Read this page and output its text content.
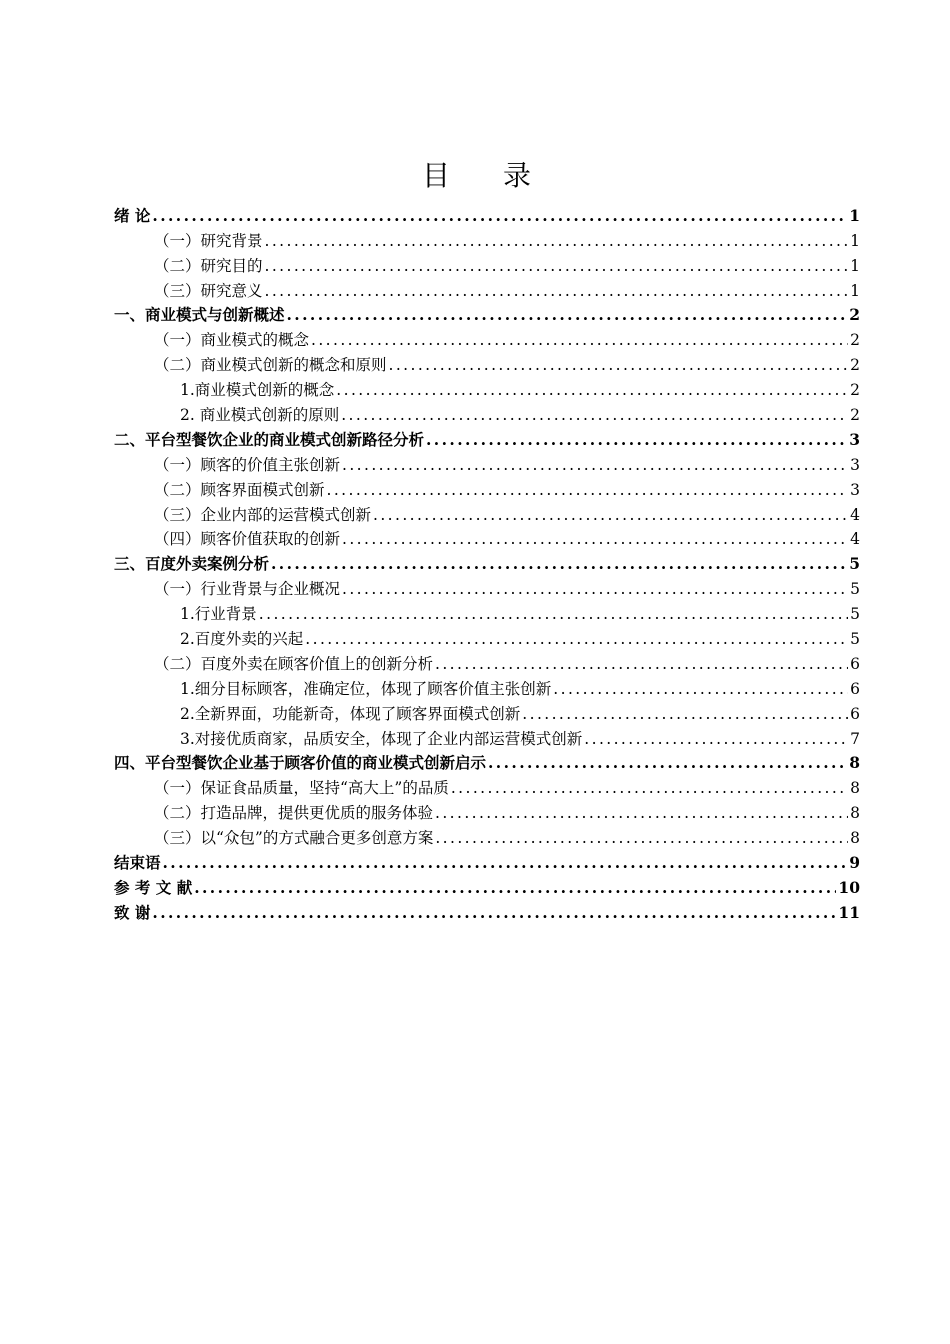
目 录
绪 论 .....	1
（一）研究背景 .....	1
（二）研究目的 .....	1
（三）研究意义 .....	1
一、商业模式与创新概述 .....	2
（一）商业模式的概念 .....	2
（二）商业模式创新的概念和原则 .....	2
1.商业模式创新的概念 .....	2
2. 商业模式创新的原则 .....	2
二、平台型餐饮企业的商业模式创新路径分析 .....	3
（一）顾客的价值主张创新 .....	3
（二）顾客界面模式创新 .....	3
（三）企业内部的运营模式创新 .....	4
（四）顾客价值获取的创新 .....	4
三、百度外卖案例分析 .....	5
（一）行业背景与企业概况 .....	5
1.行业背景 .....	5
2.百度外卖的兴起 .....	5
（二）百度外卖在顾客价值上的创新分析 .....	6
1.细分目标顾客，准确定位，体现了顾客价值主张创新 .....	6
2.全新界面，功能新奇，体现了顾客界面模式创新 .....	6
3.对接优质商家，品质安全，体现了企业内部运营模式创新 .....	7
四、平台型餐饮企业基于顾客价值的商业模式创新启示 .....	8
（一）保证食品质量，坚持“高大上”的品质 .....	8
（二）打造品牌，提供更优质的服务体验 .....	8
（三）以“众包”的方式融合更多创意方案 .....	8
结束语 .....	9
参 考 文 献 .....	10
致 谢 .....	11
